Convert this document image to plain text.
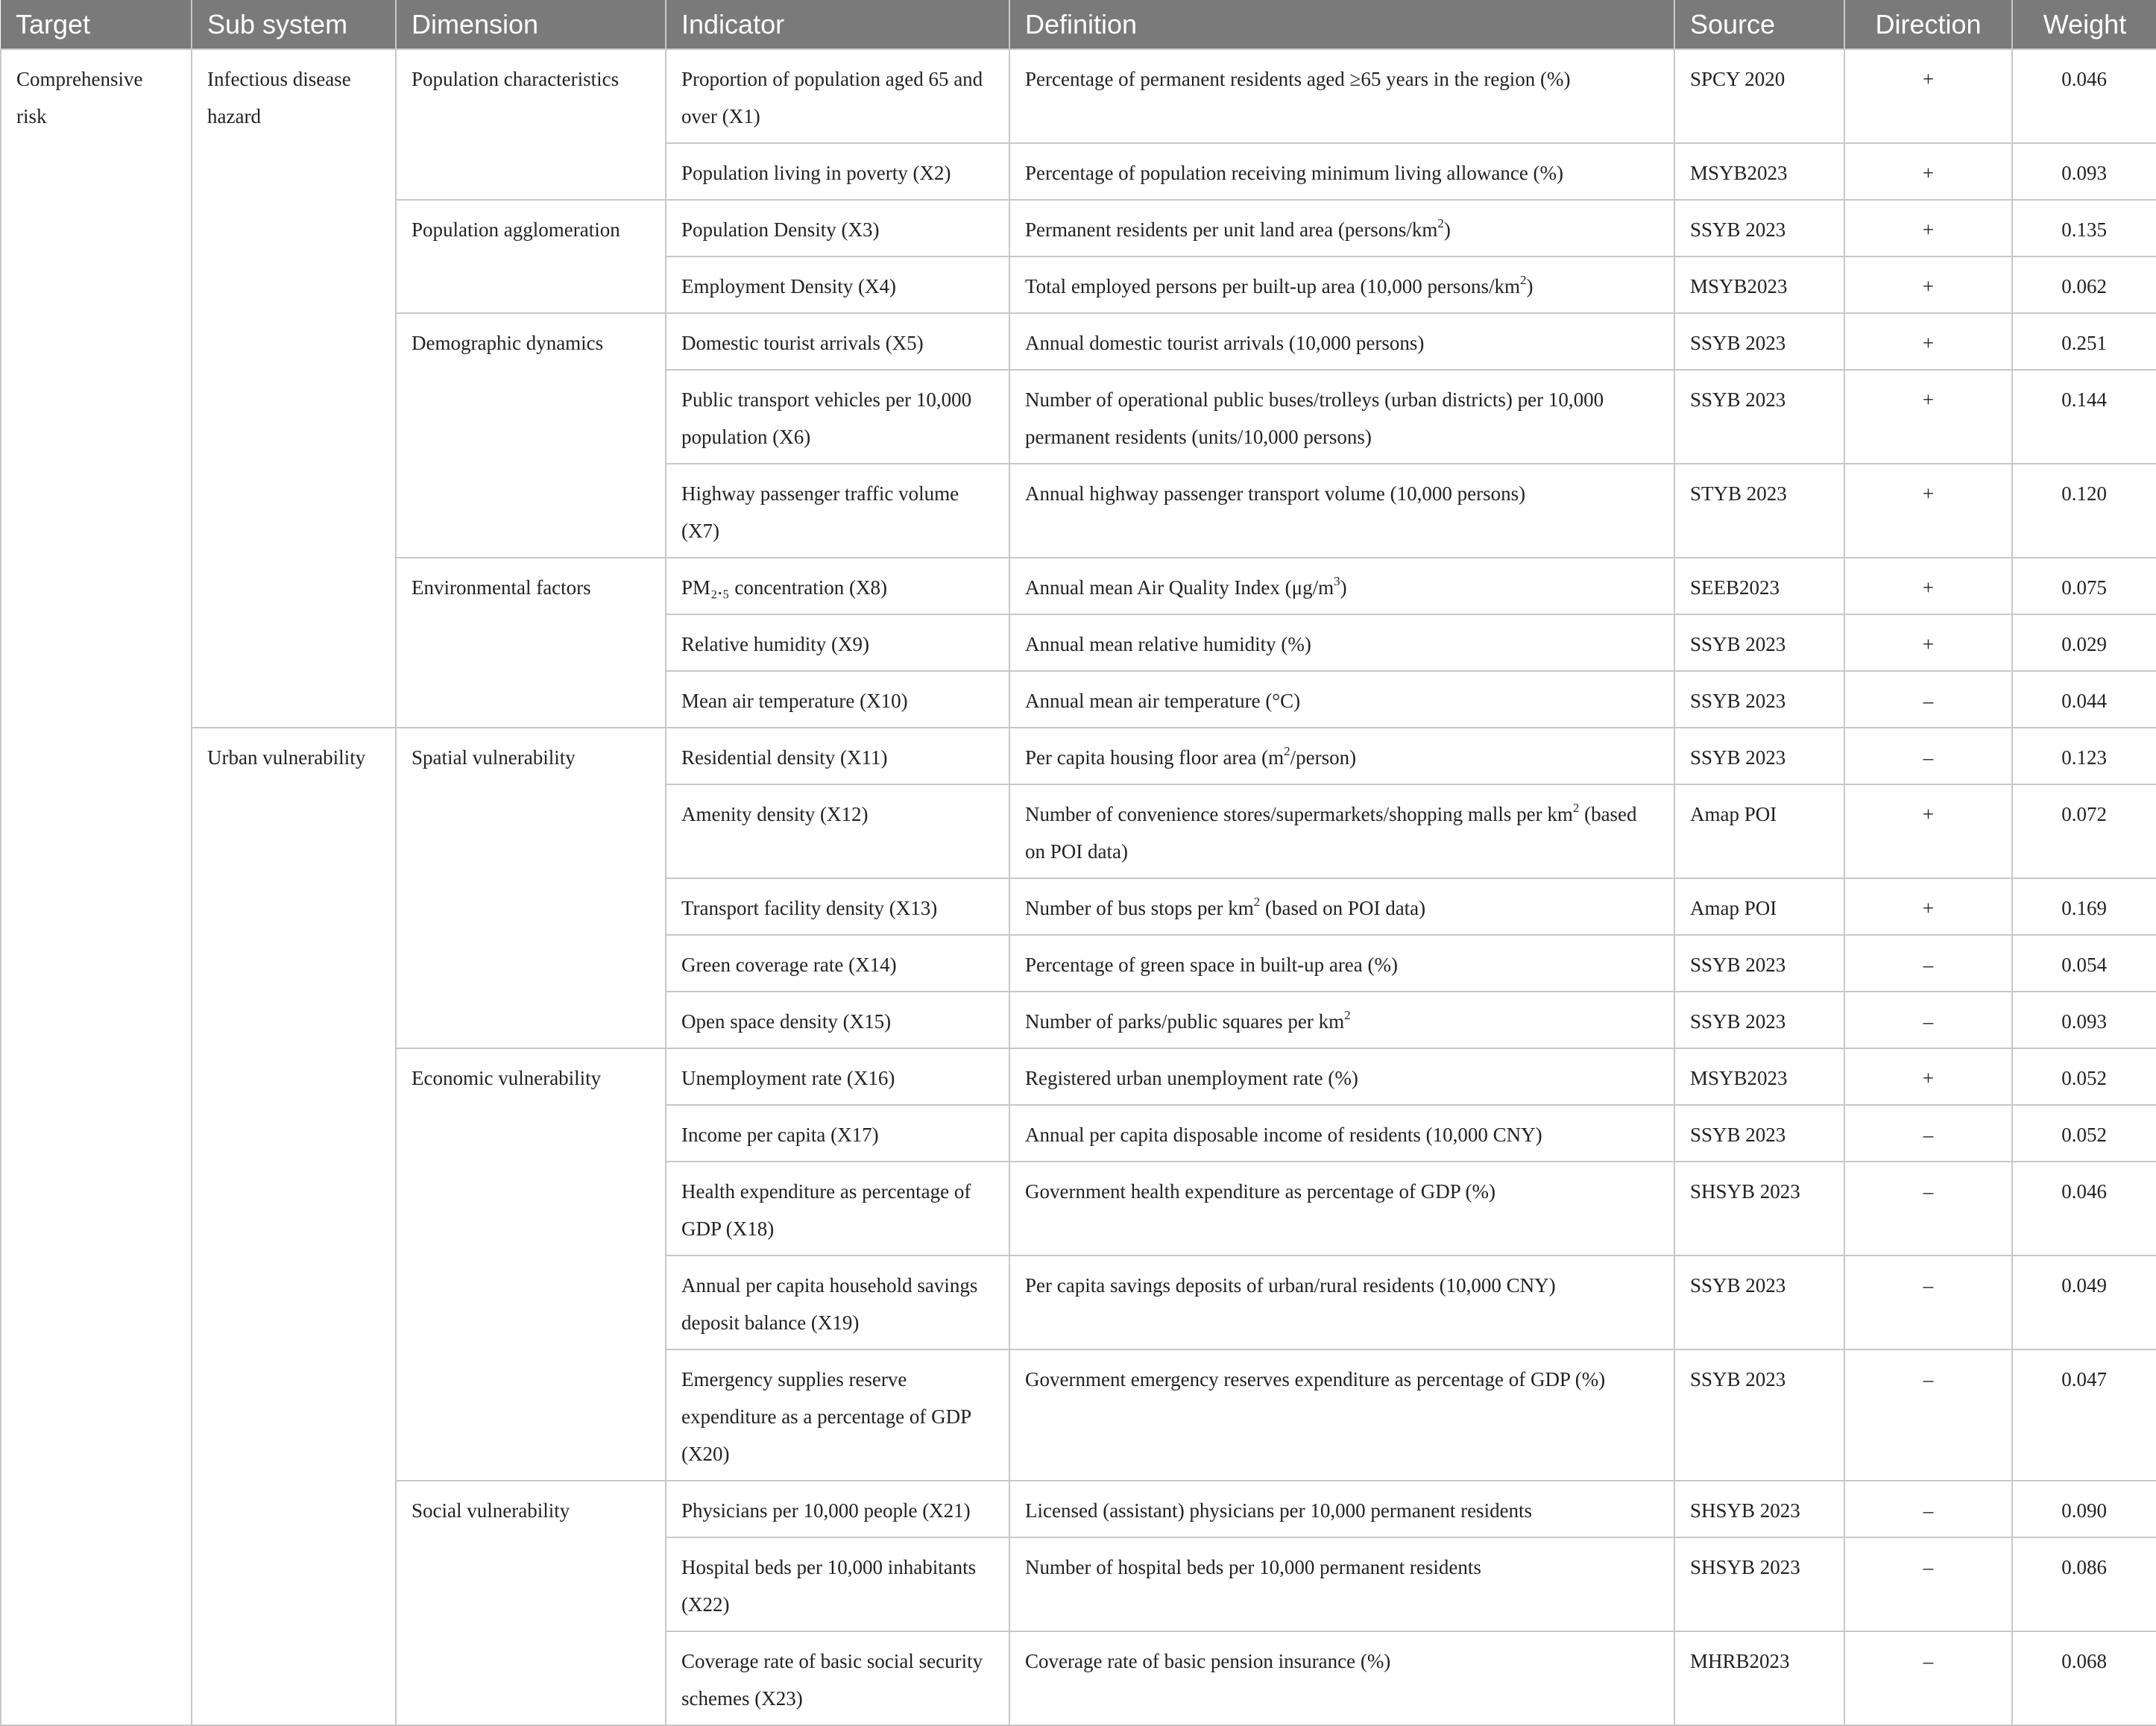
Target	Sub system	Dimension	Indicator	Definition	Source	Direction	Weight
Comprehensive risk	Infectious disease hazard	Population characteristics	Proportion of population aged 65 and over (X1)	Percentage of permanent residents aged ≥65 years in the region (%)	SPCY 2020	+	0.046
			Population living in poverty (X2)	Percentage of population receiving minimum living allowance (%)	MSYB2023	+	0.093
		Population agglomeration	Population Density (X3)	Permanent residents per unit land area $(persons/km^2)$	SSYB 2023	+	0.135
			Employment Density (X4)	Total employed persons per built-up area (10,000 persons/$km^2$)	MSYB2023	+	0.062
		Demographic dynamics	Domestic tourist arrivals (X5)	Annual domestic tourist arrivals (10,000 persons)	SSYB 2023	+	0.251
			Public transport vehicles per 10,000 population (X6)	Number of operational public buses/trolleys (urban districts) per 10,000 permanent residents (units/10,000 persons)	SSYB 2023	+	0.144
			Highway passenger traffic volume (X7)	Annual highway passenger transport volume (10,000 persons)	STYB 2023	+	0.120
		Environmental factors	PM₂.₅ concentration (X8)	Annual mean Air Quality Index $(\mu g/m^3)$	SEEB2023	+	0.075
			Relative humidity (X9)	Annual mean relative humidity (%)	SSYB 2023	+	0.029
			Mean air temperature (X10)	Annual mean air temperature (°C)	SSYB 2023	–	0.044
	Urban vulnerability	Spatial vulnerability	Residential density (X11)	Per capita housing floor area $(m^2/person)$	SSYB 2023	–	0.123
			Amenity density (X12)	Number of convenience stores/supermarkets/shopping malls per $km^2$ (based on POI data)	Amap POI	+	0.072
			Transport facility density (X13)	Number of bus stops per $km^2$ (based on POI data)	Amap POI	+	0.169
			Green coverage rate (X14)	Percentage of green space in built-up area (%)	SSYB 2023	–	0.054
			Open space density (X15)	Number of parks/public squares per $km^2$	SSYB 2023	–	0.093
		Economic vulnerability	Unemployment rate (X16)	Registered urban unemployment rate (%)	MSYB2023	+	0.052
			Income per capita (X17)	Annual per capita disposable income of residents (10,000 CNY)	SSYB 2023	–	0.052
			Health expenditure as percentage of GDP (X18)	Government health expenditure as percentage of GDP (%)	SHSYB 2023	–	0.046
			Annual per capita household savings deposit balance (X19)	Per capita savings deposits of urban/rural residents (10,000 CNY)	SSYB 2023	–	0.049
			Emergency supplies reserve expenditure as a percentage of GDP (X20)	Government emergency reserves expenditure as percentage of GDP (%)	SSYB 2023	–	0.047
		Social vulnerability	Physicians per 10,000 people (X21)	Licensed (assistant) physicians per 10,000 permanent residents	SHSYB 2023	–	0.090
			Hospital beds per 10,000 inhabitants (X22)	Number of hospital beds per 10,000 permanent residents	SHSYB 2023	–	0.086
			Coverage rate of basic social security schemes (X23)	Coverage rate of basic pension insurance (%)	MHRB2023	–	0.068
